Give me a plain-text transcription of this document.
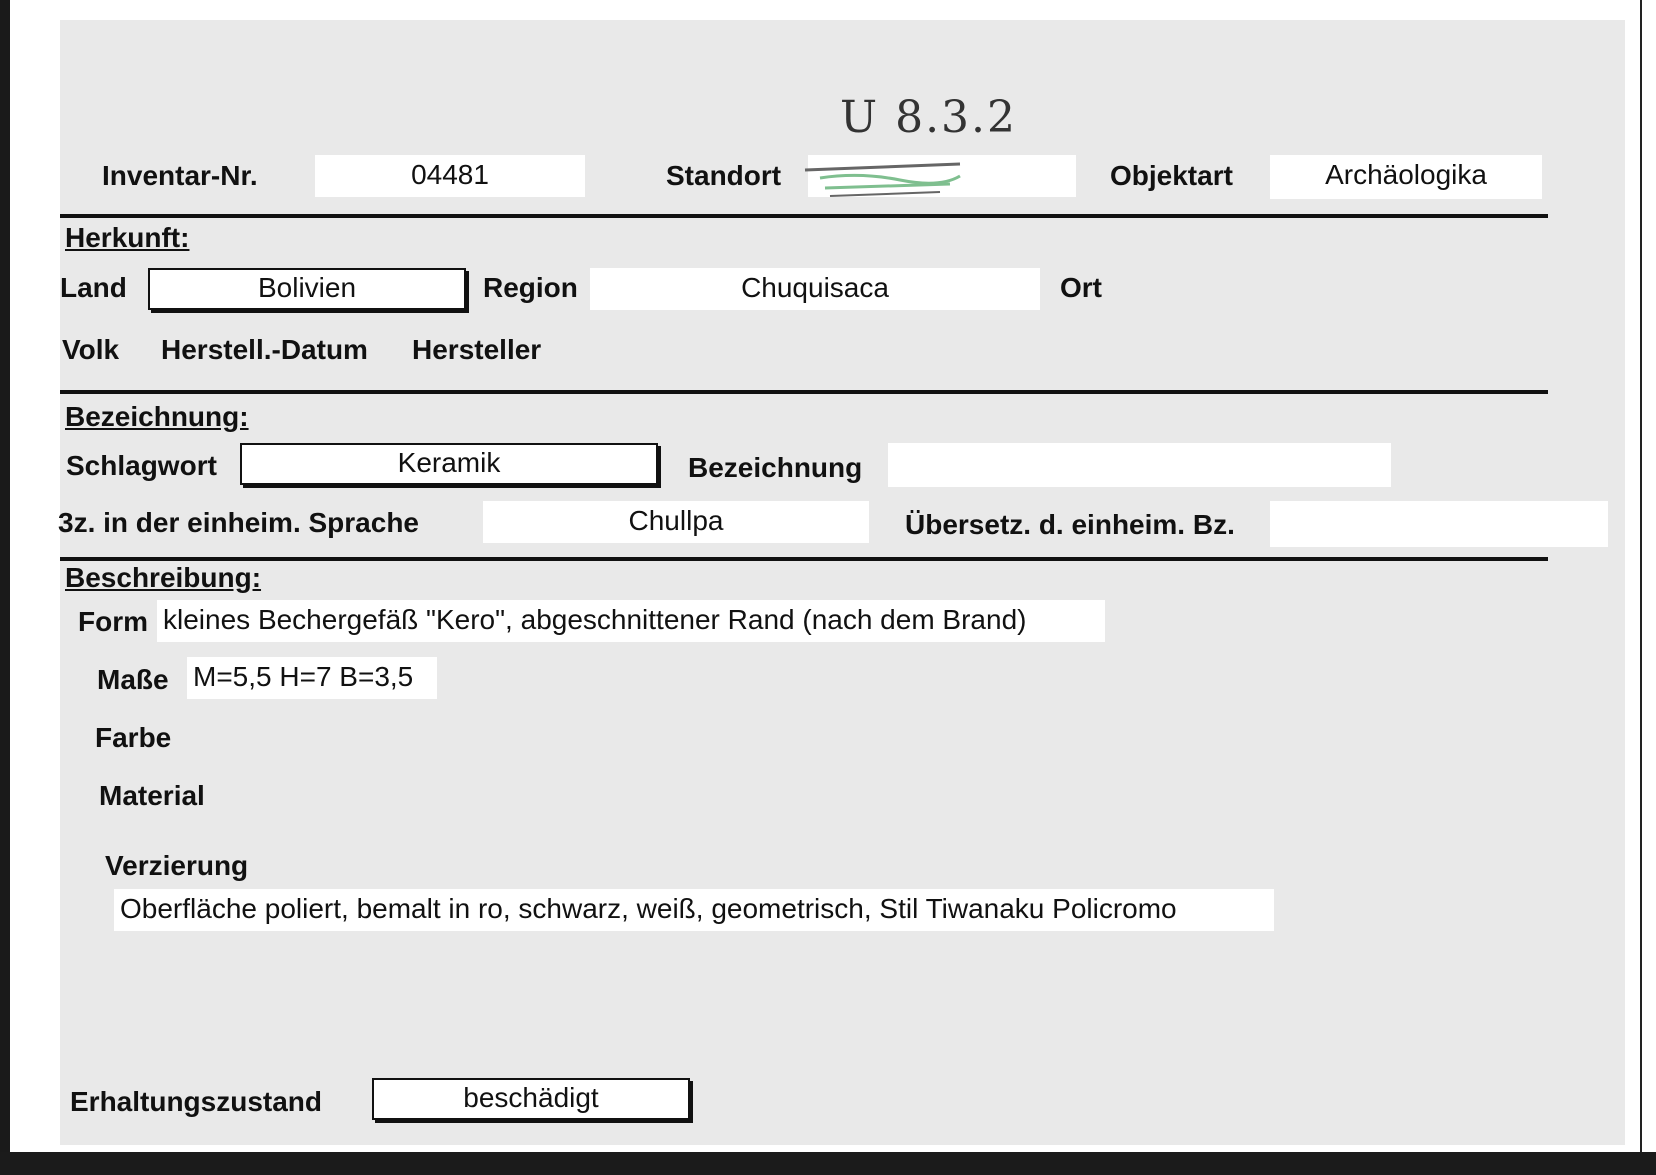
U 8.3.2
Inventar-Nr.	04481	Standort	Objektart	Archäologika
Herkunft:
Land	Bolivien	Region	Chuquisaca	Ort
Volk Herstell.-Datum Hersteller
Bezeichnung:
Schlagwort	Keramik	Bezeichnung
3z. in der einheim. Sprache	Chullpa	Übersetz. d. einheim. Bz.
Beschreibung:
Form kleines Bechergefäß "Kero", abgeschnittener Rand (nach dem Brand)
Maße M=5,5 H=7 B=3,5
Farbe
Material
Verzierung
Oberfläche poliert, bemalt in ro, schwarz, weiß, geometrisch, Stil Tiwanaku Policromo
Erhaltungszustand	beschädigt
